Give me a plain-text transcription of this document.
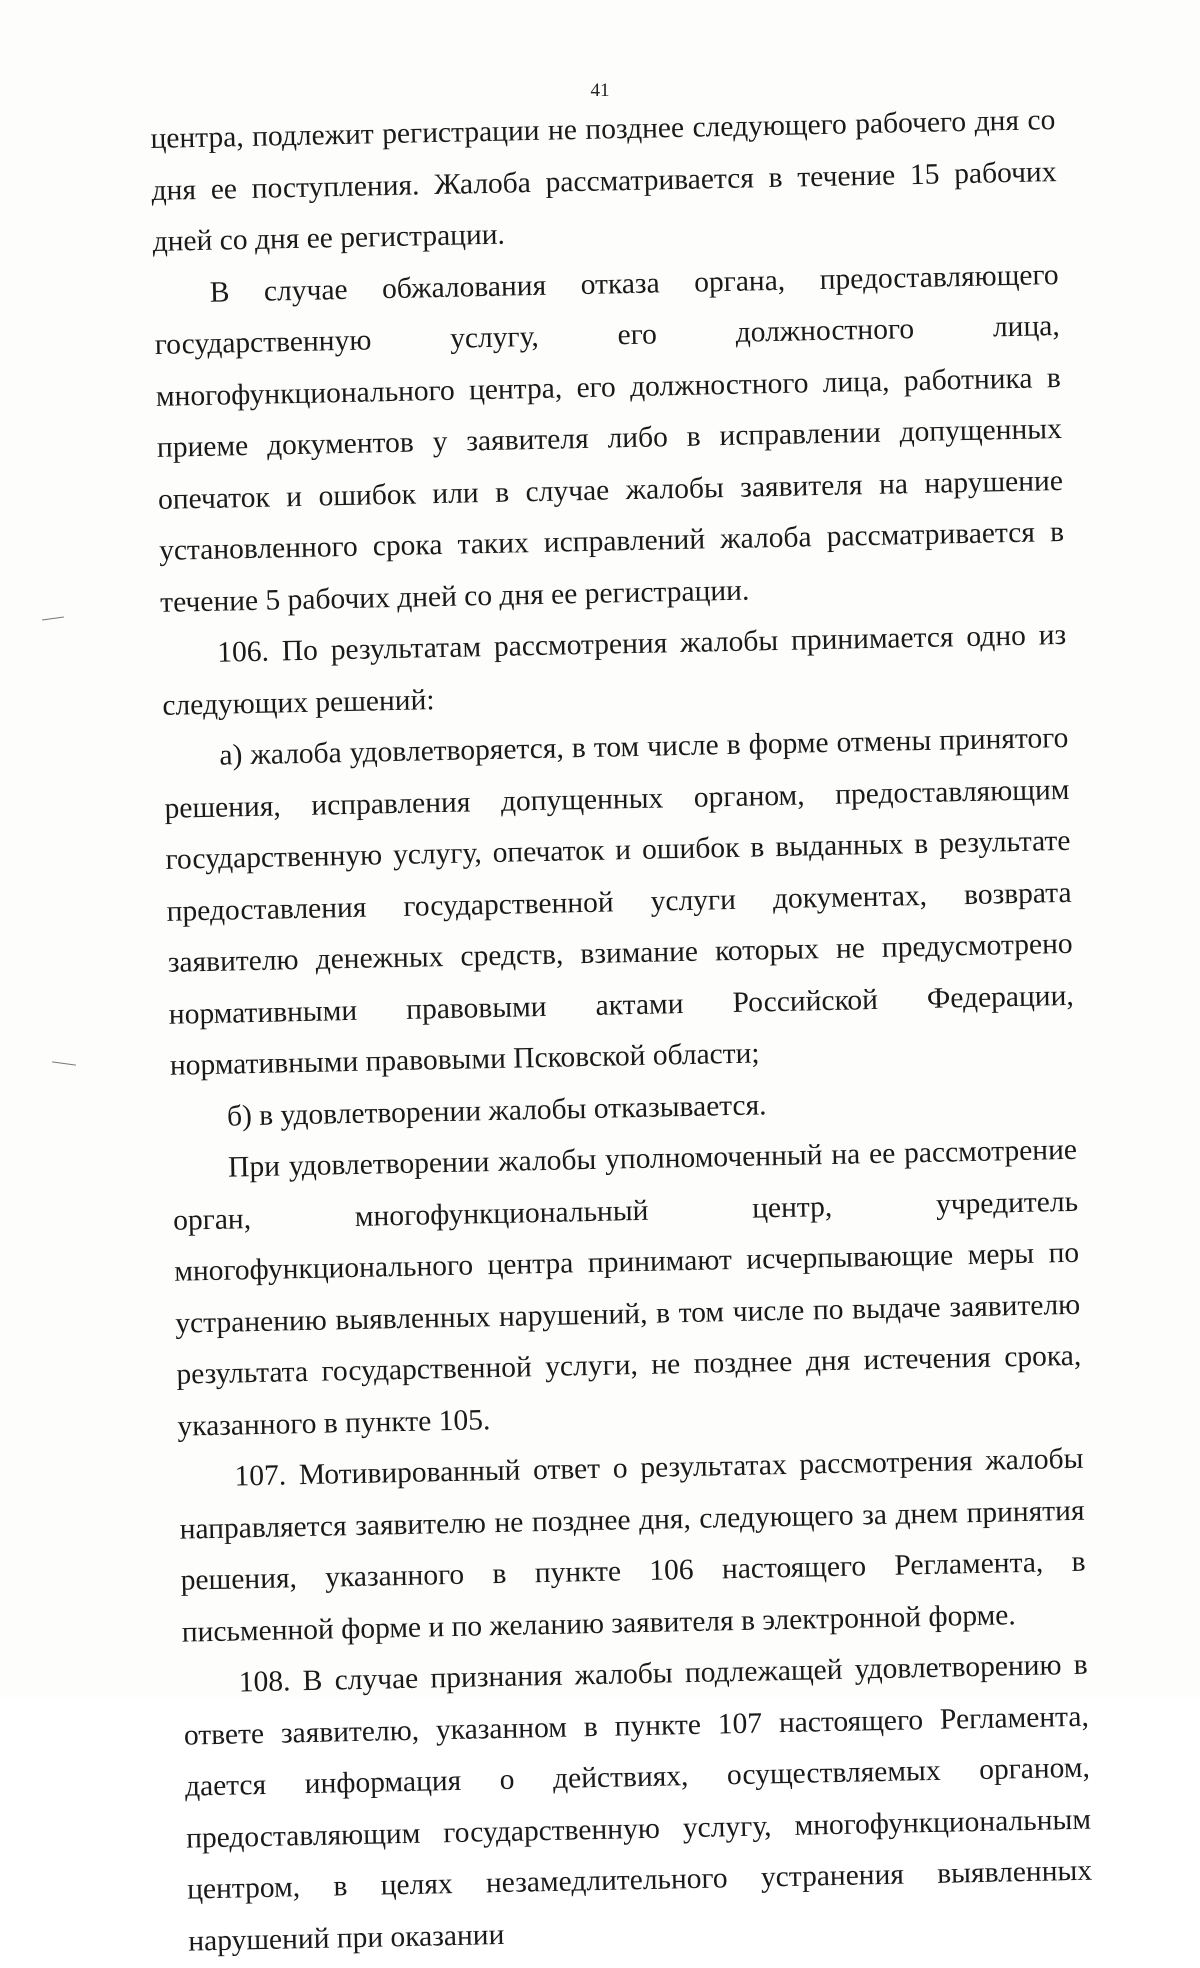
41

центра, подлежит регистрации не позднее следующего рабочего дня со дня ее поступления. Жалоба рассматривается в течение 15 рабочих дней со дня ее регистрации.

В случае обжалования отказа органа, предоставляющего государственную услугу, его должностного лица, многофункционального центра, его должностного лица, работника в приеме документов у заявителя либо в исправлении допущенных опечаток и ошибок или в случае жалобы заявителя на нарушение установленного срока таких исправлений жалоба рассматривается в течение 5 рабочих дней со дня ее регистрации.

106. По результатам рассмотрения жалобы принимается одно из следующих решений:

а) жалоба удовлетворяется, в том числе в форме отмены принятого решения, исправления допущенных органом, предоставляющим государственную услугу, опечаток и ошибок в выданных в результате предоставления государственной услуги документах, возврата заявителю денежных средств, взимание которых не предусмотрено нормативными правовыми актами Российской Федерации, нормативными правовыми Псковской области;

б) в удовлетворении жалобы отказывается.

При удовлетворении жалобы уполномоченный на ее рассмотрение орган, многофункциональный центр, учредитель многофункционального центра принимают исчерпывающие меры по устранению выявленных нарушений, в том числе по выдаче заявителю результата государственной услуги, не позднее дня истечения срока, указанного в пункте 105.

107. Мотивированный ответ о результатах рассмотрения жалобы направляется заявителю не позднее дня, следующего за днем принятия решения, указанного в пункте 106 настоящего Регламента, в письменной форме и по желанию заявителя в электронной форме.

108. В случае признания жалобы подлежащей удовлетворению в ответе заявителю, указанном в пункте 107 настоящего Регламента, дается информация о действиях, осуществляемых органом, предоставляющим государственную услугу, многофункциональным центром, в целях незамедлительного устранения выявленных нарушений при оказании
